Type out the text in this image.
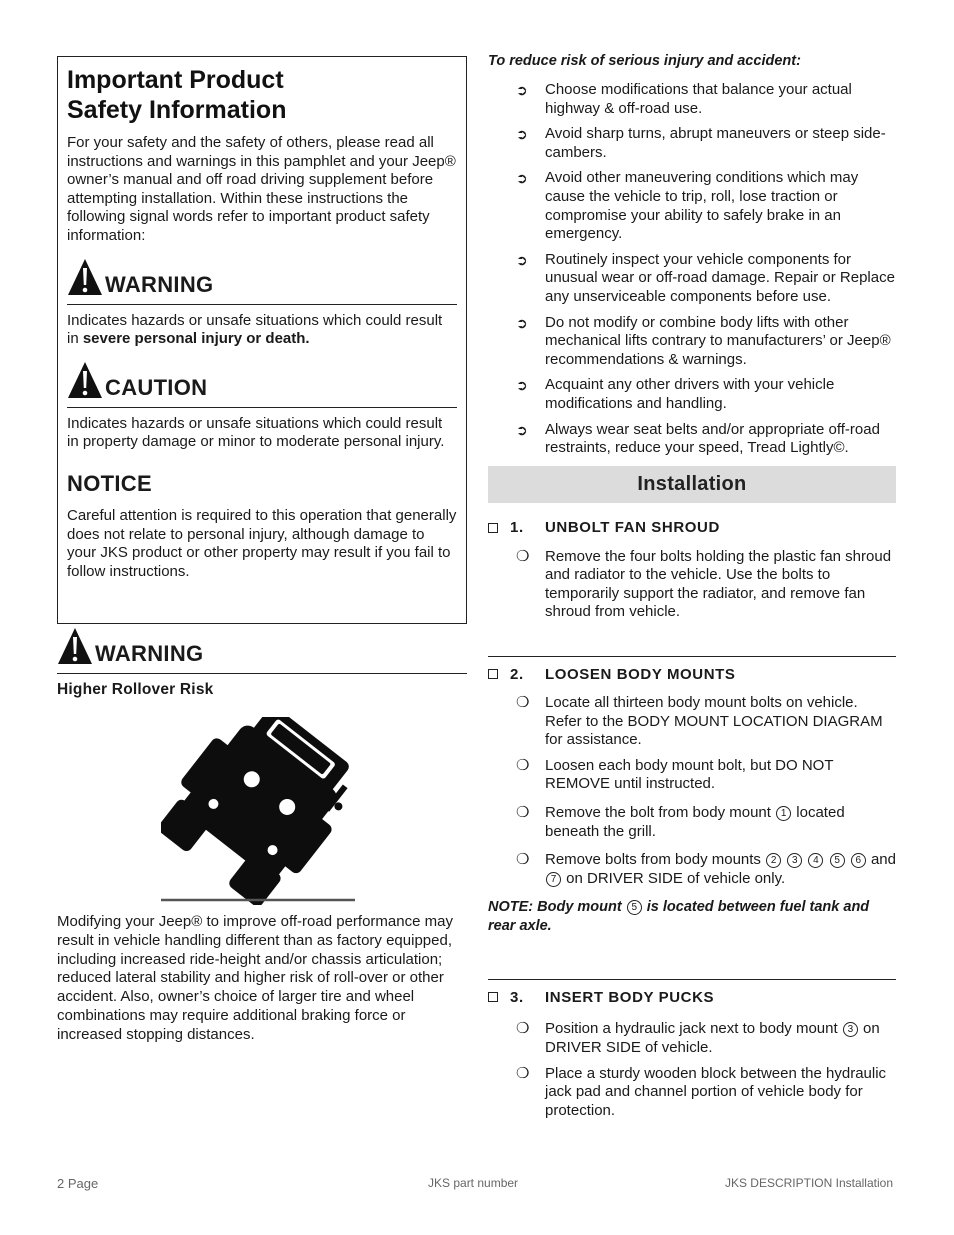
Important Product
Safety Information

For your safety and the safety of others, please read all instructions and warnings in this pamphlet and your Jeep® owner’s manual and off road driving supplement before attempting installation. Within these instructions the following signal words refer to important product safety information:

WARNING

Indicates hazards or unsafe situations which could result in severe personal injury or death.

CAUTION

Indicates hazards or unsafe situations which could result in property damage or minor to moderate personal injury.

NOTICE

Careful attention is required to this operation that generally does not relate to personal injury, although damage to your JKS product or other property may result if you fail to follow instructions.

WARNING
Higher Rollover Risk

Modifying your Jeep® to improve off-road performance may result in vehicle handling different than as factory equipped, including increased ride-height and/or chassis articulation; reduced lateral stability and higher risk of roll-over or other accident. Also, owner’s choice of larger tire and wheel combinations may require additional braking force or increased stopping distances.

To reduce risk of serious injury and accident:
➲	Choose modifications that balance your actual highway & off-road use.
➲	Avoid sharp turns, abrupt maneuvers or steep side-cambers.
➲	Avoid other maneuvering conditions which may cause the vehicle to trip, roll, lose traction or compromise your ability to safely brake in an emergency.
➲	Routinely inspect your vehicle components for unusual wear or off-road damage. Repair or Replace any unserviceable components before use.
➲	Do not modify or combine body lifts with other mechanical lifts contrary to manufacturers’ or Jeep® recommendations & warnings.
➲	Acquaint any other drivers with your vehicle modifications and handling.
➲	Always wear seat belts and/or appropriate off-road restraints, reduce your speed, Tread Lightly©.
Installation
1.	UNBOLT FAN SHROUD
❍	Remove the four bolts holding the plastic fan shroud and radiator to the vehicle. Use the bolts to temporarily support the radiator, and remove fan shroud from vehicle.
2.	LOOSEN BODY MOUNTS
❍	Locate all thirteen body mount bolts on vehicle. Refer to the BODY MOUNT LOCATION DIAGRAM for assistance.
❍	Loosen each body mount bolt, but DO NOT REMOVE until instructed.
❍	Remove the bolt from body mount 1 located beneath the grill.
❍	Remove bolts from body mounts 2 3 4 5 6 and 7 on DRIVER SIDE of vehicle only.

NOTE: Body mount 5 is located between fuel tank and rear axle.

3.	INSERT BODY PUCKS
❍	Position a hydraulic jack next to body mount 3 on DRIVER SIDE of vehicle.
❍	Place a sturdy wooden block between the hydraulic jack pad and channel portion of vehicle body for protection.
2 Page	JKS part number	JKS DESCRIPTION Installation
